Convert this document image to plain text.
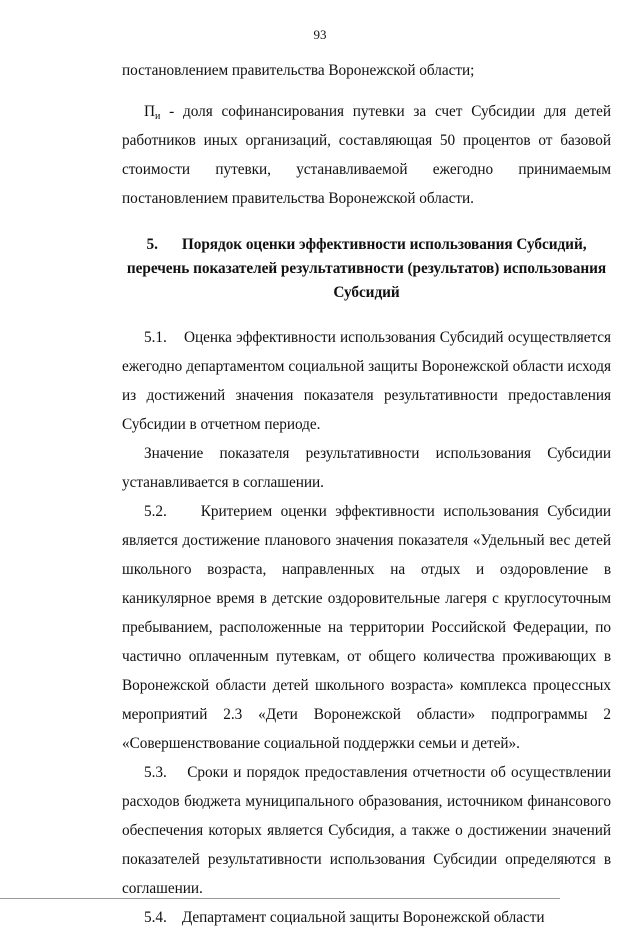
93

постановлением правительства Воронежской области;

$П_и$ - доля софинансирования путевки за счет Субсидии для детей работников иных организаций, составляющая 50 процентов от базовой стоимости путевки, устанавливаемой ежегодно принимаемым постановлением правительства Воронежской области.

5. Порядок оценки эффективности использования Субсидий,
перечень показателей результативности (результатов) использования
Субсидий

5.1.    Оценка эффективности использования Субсидий осуществляется ежегодно департаментом социальной защиты Воронежской области исходя из достижений значения показателя результативности предоставления Субсидии в отчетном периоде.

Значение показателя результативности использования Субсидии устанавливается в соглашении.

5.2.    Критерием оценки эффективности использования Субсидии является достижение планового значения показателя «Удельный вес детей школьного возраста, направленных на отдых и оздоровление в каникулярное время в детские оздоровительные лагеря с круглосуточным пребыванием, расположенные на территории Российской Федерации, по частично оплаченным путевкам, от общего количества проживающих в Воронежской области детей школьного возраста» комплекса процессных мероприятий 2.3 «Дети Воронежской области» подпрограммы 2 «Совершенствование социальной поддержки семьи и детей».

5.3.    Сроки и порядок предоставления отчетности об осуществлении расходов бюджета муниципального образования, источником финансового обеспечения которых является Субсидия, а также о достижении значений показателей результативности использования Субсидии определяются в соглашении.

5.4.    Департамент социальной защиты Воронежской области
